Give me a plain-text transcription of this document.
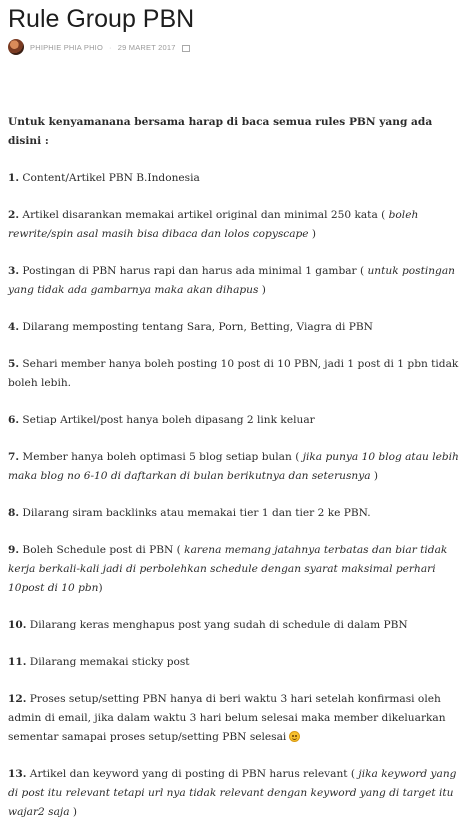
Rule Group PBN
PHIPHIE PHIA PHIO · 29 MARET 2017

Untuk kenyamanana bersama harap di baca semua rules PBN yang ada disini :

1. Content/Artikel PBN B.Indonesia

2. Artikel disarankan memakai artikel original dan minimal 250 kata ( boleh rewrite/spin asal masih bisa dibaca dan lolos copyscape )

3. Postingan di PBN harus rapi dan harus ada minimal 1 gambar ( untuk postingan yang tidak ada gambarnya maka akan dihapus )

4. Dilarang memposting tentang Sara, Porn, Betting, Viagra di PBN

5. Sehari member hanya boleh posting 10 post di 10 PBN, jadi 1 post di 1 pbn tidak boleh lebih.

6. Setiap Artikel/post hanya boleh dipasang 2 link keluar

7. Member hanya boleh optimasi 5 blog setiap bulan ( jika punya 10 blog atau lebih maka blog no 6-10 di daftarkan di bulan berikutnya dan seterusnya )

8. Dilarang siram backlinks atau memakai tier 1 dan tier 2 ke PBN.

9. Boleh Schedule post di PBN ( karena memang jatahnya terbatas dan biar tidak kerja berkali-kali jadi di perbolehkan schedule dengan syarat maksimal perhari 10post di 10 pbn)

10. Dilarang keras menghapus post yang sudah di schedule di dalam PBN

11. Dilarang memakai sticky post

12. Proses setup/setting PBN hanya di beri waktu 3 hari setelah konfirmasi oleh admin di email, jika dalam waktu 3 hari belum selesai maka member dikeluarkan sementar samapai proses setup/setting PBN selesai

13. Artikel dan keyword yang di posting di PBN harus relevant ( jika keyword yang di post itu relevant tetapi url nya tidak relevant dengan keyword yang di target itu wajar2 saja )
